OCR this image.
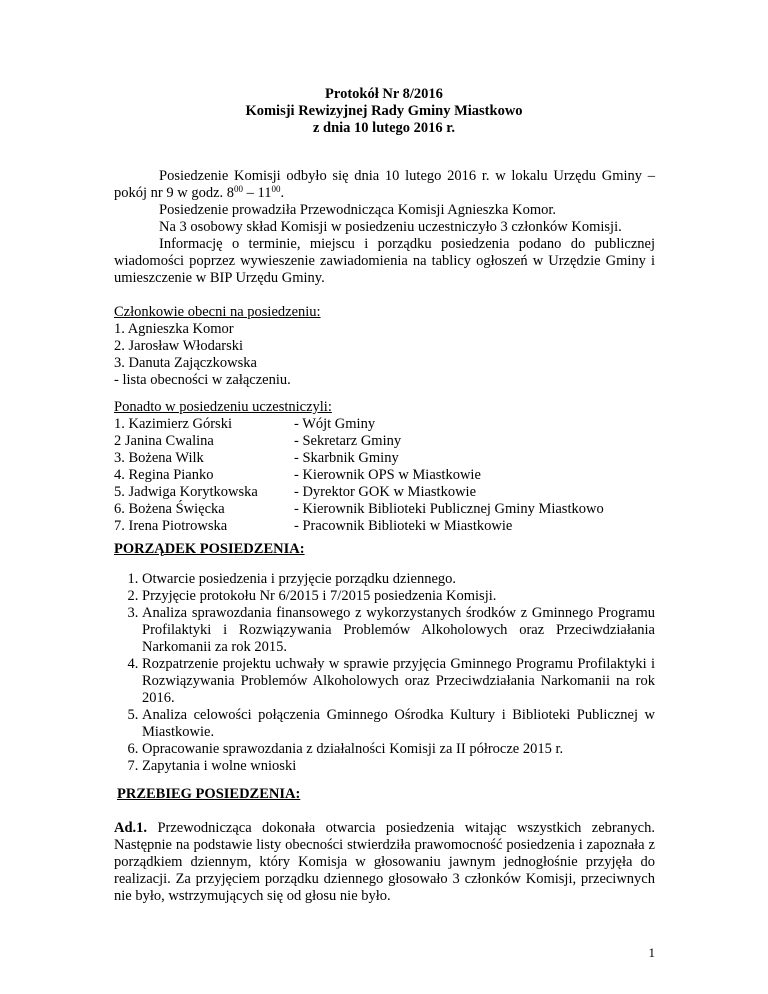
Protokół Nr 8/2016
Komisji Rewizyjnej Rady Gminy Miastkowo
z dnia 10 lutego 2016 r.

Posiedzenie Komisji odbyło się dnia 10 lutego 2016 r. w lokalu Urzędu Gminy – pokój nr 9 w godz. $8^{00} - 11^{00}$.

Posiedzenie prowadziła Przewodnicząca Komisji Agnieszka Komor.

Na 3 osobowy skład Komisji w posiedzeniu uczestniczyło 3 członków Komisji.

Informację o terminie, miejscu i porządku posiedzenia podano do publicznej wiadomości poprzez wywieszenie zawiadomienia na tablicy ogłoszeń w Urzędzie Gminy i umieszczenie w BIP Urzędu Gminy.

Członkowie obecni na posiedzeniu:

1. Agnieszka Komor

2. Jarosław Włodarski

3. Danuta Zajączkowska

- lista obecności w załączeniu.

Ponadto w posiedzeniu uczestniczyli:

1. Kazimierz Górski	- Wójt Gminy
2 Janina Cwalina	- Sekretarz Gminy
3. Bożena Wilk	- Skarbnik Gminy
4. Regina Pianko	- Kierownik OPS w Miastkowie
5. Jadwiga Korytkowska	- Dyrektor GOK w Miastkowie
6. Bożena Święcka	- Kierownik Biblioteki Publicznej Gminy Miastkowo
7. Irena Piotrowska	- Pracownik Biblioteki w Miastkowie

PORZĄDEK POSIEDZENIA:

1. Otwarcie posiedzenia i przyjęcie porządku dziennego.
2. Przyjęcie protokołu Nr 6/2015 i 7/2015 posiedzenia Komisji.
3. Analiza sprawozdania finansowego z wykorzystanych środków z Gminnego Programu Profilaktyki i Rozwiązywania Problemów Alkoholowych oraz Przeciwdziałania Narkomanii za rok 2015.
4. Rozpatrzenie projektu uchwały w sprawie przyjęcia Gminnego Programu Profilaktyki i Rozwiązywania Problemów Alkoholowych oraz Przeciwdziałania Narkomanii na rok 2016.
5. Analiza celowości połączenia Gminnego Ośrodka Kultury i Biblioteki Publicznej w Miastkowie.
6. Opracowanie sprawozdania z działalności Komisji za II półrocze 2015 r.
7. Zapytania i wolne wnioski

PRZEBIEG POSIEDZENIA:

Ad.1. Przewodnicząca dokonała otwarcia posiedzenia witając wszystkich zebranych. Następnie na podstawie listy obecności stwierdziła prawomocność posiedzenia i zapoznała z porządkiem dziennym, który Komisja w głosowaniu jawnym jednogłośnie przyjęła do realizacji. Za przyjęciem porządku dziennego głosowało 3 członków Komisji, przeciwnych nie było, wstrzymujących się od głosu nie było.

1
